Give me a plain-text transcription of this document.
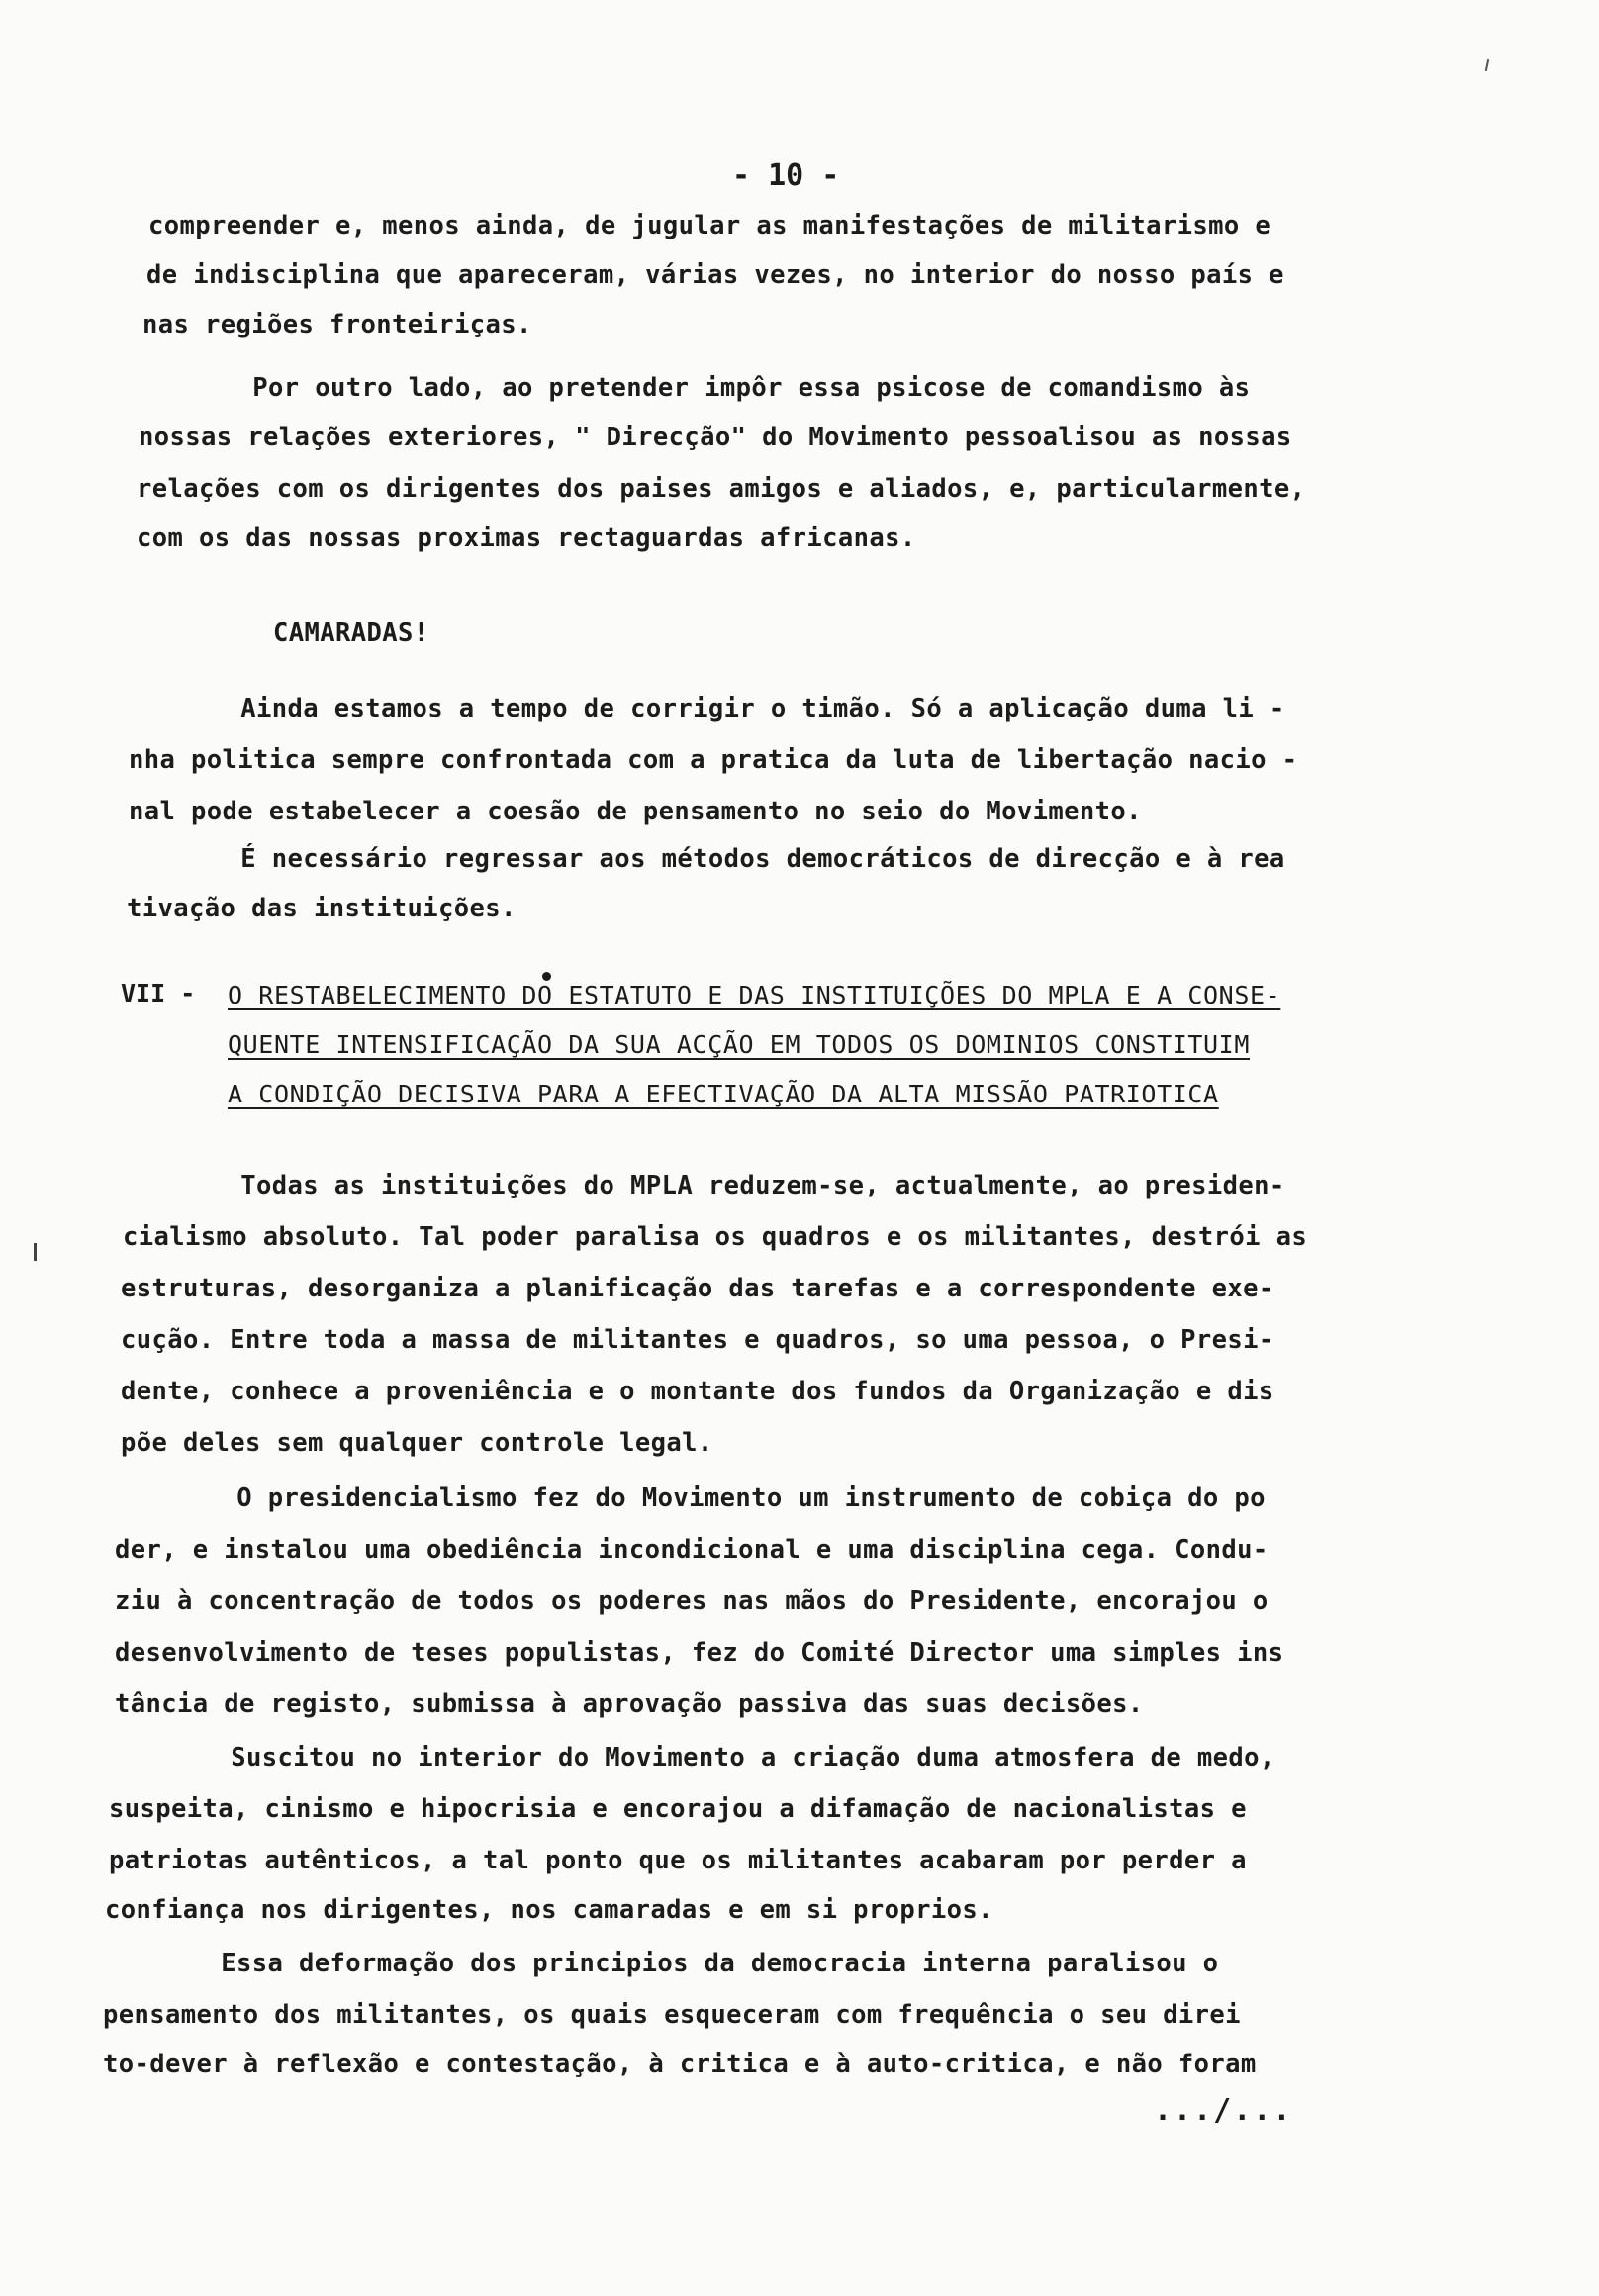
- 10 -
compreender e, menos ainda, de jugular as manifestações de militarismo e
de indisciplina que apareceram, várias vezes, no interior do nosso país e
nas regiões fronteiriças.
Por outro lado, ao pretender impôr essa psicose de comandismo às
nossas relações exteriores, " Direcção" do Movimento pessoalisou as nossas
relações com os dirigentes dos paises amigos e aliados, e, particularmente,
com os das nossas proximas rectaguardas africanas.
CAMARADAS!
Ainda estamos a tempo de corrigir o timão. Só a aplicação duma li -
nha politica sempre confrontada com a pratica da luta de libertação nacio -
nal pode estabelecer a coesão de pensamento no seio do Movimento.
É necessário regressar aos métodos democráticos de direcção e à rea
tivação das instituições.
VII - O RESTABELECIMENTO DO ESTATUTO E DAS INSTITUIÇÕES DO MPLA E A CONSE-
QUENTE INTENSIFICAÇÃO DA SUA ACÇÃO EM TODOS OS DOMINIOS CONSTITUIM
A CONDIÇÃO DECISIVA PARA A EFECTIVAÇÃO DA ALTA MISSÃO PATRIOTICA
Todas as instituições do MPLA reduzem-se, actualmente, ao presiden-
cialismo absoluto. Tal poder paralisa os quadros e os militantes, destrói as
estruturas, desorganiza a planificação das tarefas e a correspondente exe-
cução. Entre toda a massa de militantes e quadros, so uma pessoa, o Presi-
dente, conhece a proveniência e o montante dos fundos da Organização e dis
põe deles sem qualquer controle legal.
O presidencialismo fez do Movimento um instrumento de cobiça do po
der, e instalou uma obediência incondicional e uma disciplina cega. Condu-
ziu à concentração de todos os poderes nas mãos do Presidente, encorajou o
desenvolvimento de teses populistas, fez do Comité Director uma simples ins
tância de registo, submissa à aprovação passiva das suas decisões.
Suscitou no interior do Movimento a criação duma atmosfera de medo,
suspeita, cinismo e hipocrisia e encorajou a difamação de nacionalistas e
patriotas autênticos, a tal ponto que os militantes acabaram por perder a
confiança nos dirigentes, nos camaradas e em si proprios.
Essa deformação dos principios da democracia interna paralisou o
pensamento dos militantes, os quais esqueceram com frequência o seu direi
to-dever à reflexão e contestação, à critica e à auto-critica, e não foram
.../...
